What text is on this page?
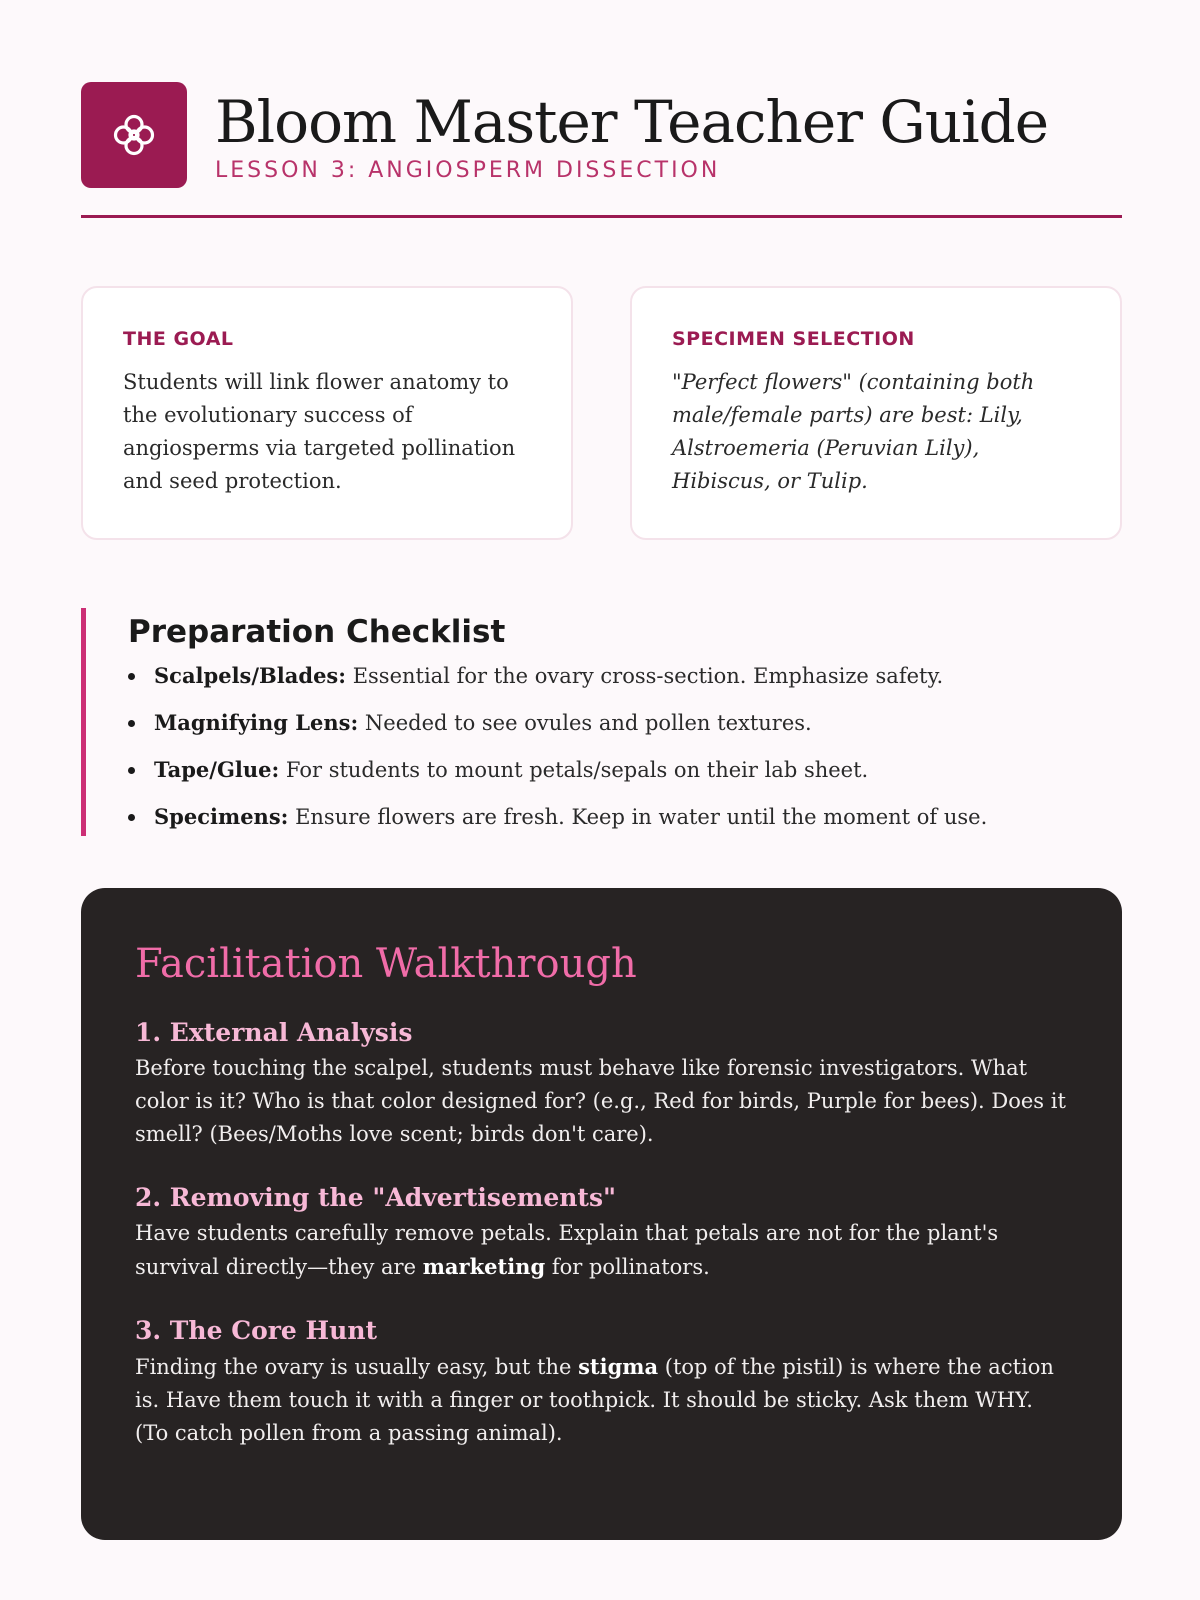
Bloom Master Teacher Guide
LESSON 3: ANGIOSPERM DISSECTION
THE GOAL
Students will link flower anatomy to the evolutionary success of angiosperms via targeted pollination and seed protection.
SPECIMEN SELECTION
"Perfect flowers" (containing both male/female parts) are best: Lily, Alstroemeria (Peruvian Lily), Hibiscus, or Tulip.
Preparation Checklist
Scalpels/Blades: Essential for the ovary cross-section. Emphasize safety.
Magnifying Lens: Needed to see ovules and pollen textures.
Tape/Glue: For students to mount petals/sepals on their lab sheet.
Specimens: Ensure flowers are fresh. Keep in water until the moment of use.
Facilitation Walkthrough
1. External Analysis
Before touching the scalpel, students must behave like forensic investigators. What color is it? Who is that color designed for? (e.g., Red for birds, Purple for bees). Does it smell? (Bees/Moths love scent; birds don't care).
2. Removing the "Advertisements"
Have students carefully remove petals. Explain that petals are not for the plant's survival directly—they are marketing for pollinators.
3. The Core Hunt
Finding the ovary is usually easy, but the stigma (top of the pistil) is where the action is. Have them touch it with a finger or toothpick. It should be sticky. Ask them WHY. (To catch pollen from a passing animal).
